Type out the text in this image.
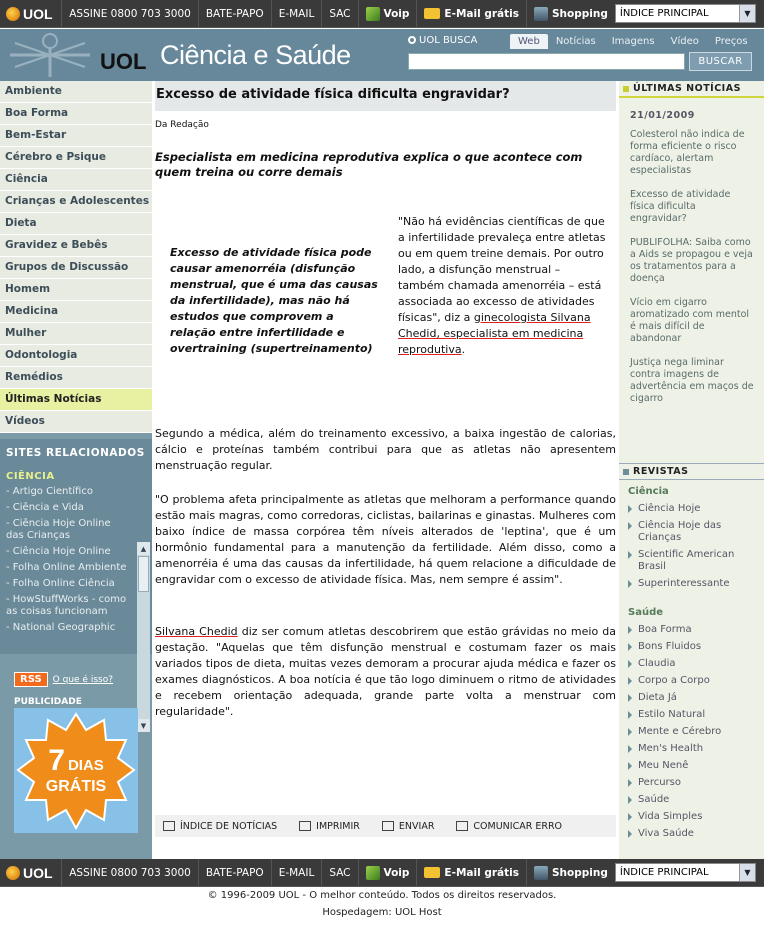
UOL	ASSINE 0800 703 3000	BATE-PAPO	E-MAIL	SAC	Voip	E-Mail grátis	Shopping ÍNDICE PRINCIPAL	▼
UOL Ciência e Saúde	UOL BUSCA	Web	Notícias	Imagens	Vídeo	Preços
BUSCAR
Ambiente
Boa Forma
Bem-Estar
Cérebro e Psique
Ciência
Crianças e Adolescentes
Dieta
Gravidez e Bebês
Grupos de Discussão
Homem
Medicina
Mulher
Odontologia
Remédios
Últimas Notícias
Vídeos
SITES RELACIONADOS
CIÊNCIA
- Artigo Científico
- Ciência e Vida
- Ciência Hoje Online das Crianças
- Ciência Hoje Online
- Folha Online Ambiente
- Folha Online Ciência
- HowStuffWorks - como as coisas funcionam
- National Geographic
▲
▼
RSS	O que é isso?
PUBLICIDADE
7 DIAS
GRÁTIS
Excesso de atividade física dificulta engravidar?
Da Redação
Especialista em medicina reprodutiva explica o que acontece com quem treina ou corre demais
Excesso de atividade física pode causar amenorréia (disfunção menstrual, que é uma das causas da infertilidade), mas não há estudos que comprovem a relação entre infertilidade e overtraining (supertreinamento)
"Não há evidências científicas de que a infertilidade prevaleça entre atletas ou em quem treine demais. Por outro lado, a disfunção menstrual – também chamada amenorréia – está associada ao excesso de atividades físicas", diz a ginecologista Silvana Chedid, especialista em medicina reprodutiva.
Segundo a médica, além do treinamento excessivo, a baixa ingestão de calorias, cálcio e proteínas também contribui para que as atletas não apresentem menstruação regular.
"O problema afeta principalmente as atletas que melhoram a performance quando estão mais magras, como corredoras, ciclistas, bailarinas e ginastas. Mulheres com baixo índice de massa corpórea têm níveis alterados de 'leptina', que é um hormônio fundamental para a manutenção da fertilidade. Além disso, como a amenorréia é uma das causas da infertilidade, há quem relacione a dificuldade de engravidar com o excesso de atividade física. Mas, nem sempre é assim".
Silvana Chedid diz ser comum atletas descobrirem que estão grávidas no meio da gestação. "Aquelas que têm disfunção menstrual e costumam fazer os mais variados tipos de dieta, muitas vezes demoram a procurar ajuda médica e fazer os exames diagnósticos. A boa notícia é que tão logo diminuem o ritmo de atividades e recebem orientação adequada, grande parte volta a menstruar com regularidade".
ÍNDICE DE NOTÍCIAS	IMPRIMIR	ENVIAR	COMUNICAR ERRO
ÚLTIMAS NOTÍCIAS
21/01/2009
Colesterol não indica de forma eficiente o risco cardíaco, alertam especialistas
Excesso de atividade física dificulta engravidar?
PUBLIFOLHA: Saiba como a Aids se propagou e veja os tratamentos para a doença
Vício em cigarro aromatizado com mentol é mais difícil de abandonar
Justiça nega liminar contra imagens de advertência em maços de cigarro
REVISTAS
Ciência
Ciência Hoje
Ciência Hoje das Crianças
Scientific American Brasil
Superinteressante
Saúde
Boa Forma
Bons Fluidos
Claudia
Corpo a Corpo
Dieta Já
Estilo Natural
Mente e Cérebro
Men's Health
Meu Nenê
Percurso
Saúde
Vida Simples
Viva Saúde
UOL	ASSINE 0800 703 3000	BATE-PAPO	E-MAIL	SAC	Voip	E-Mail grátis	Shopping ÍNDICE PRINCIPAL	▼
© 1996-2009 UOL - O melhor conteúdo. Todos os direitos reservados.
Hospedagem: UOL Host
